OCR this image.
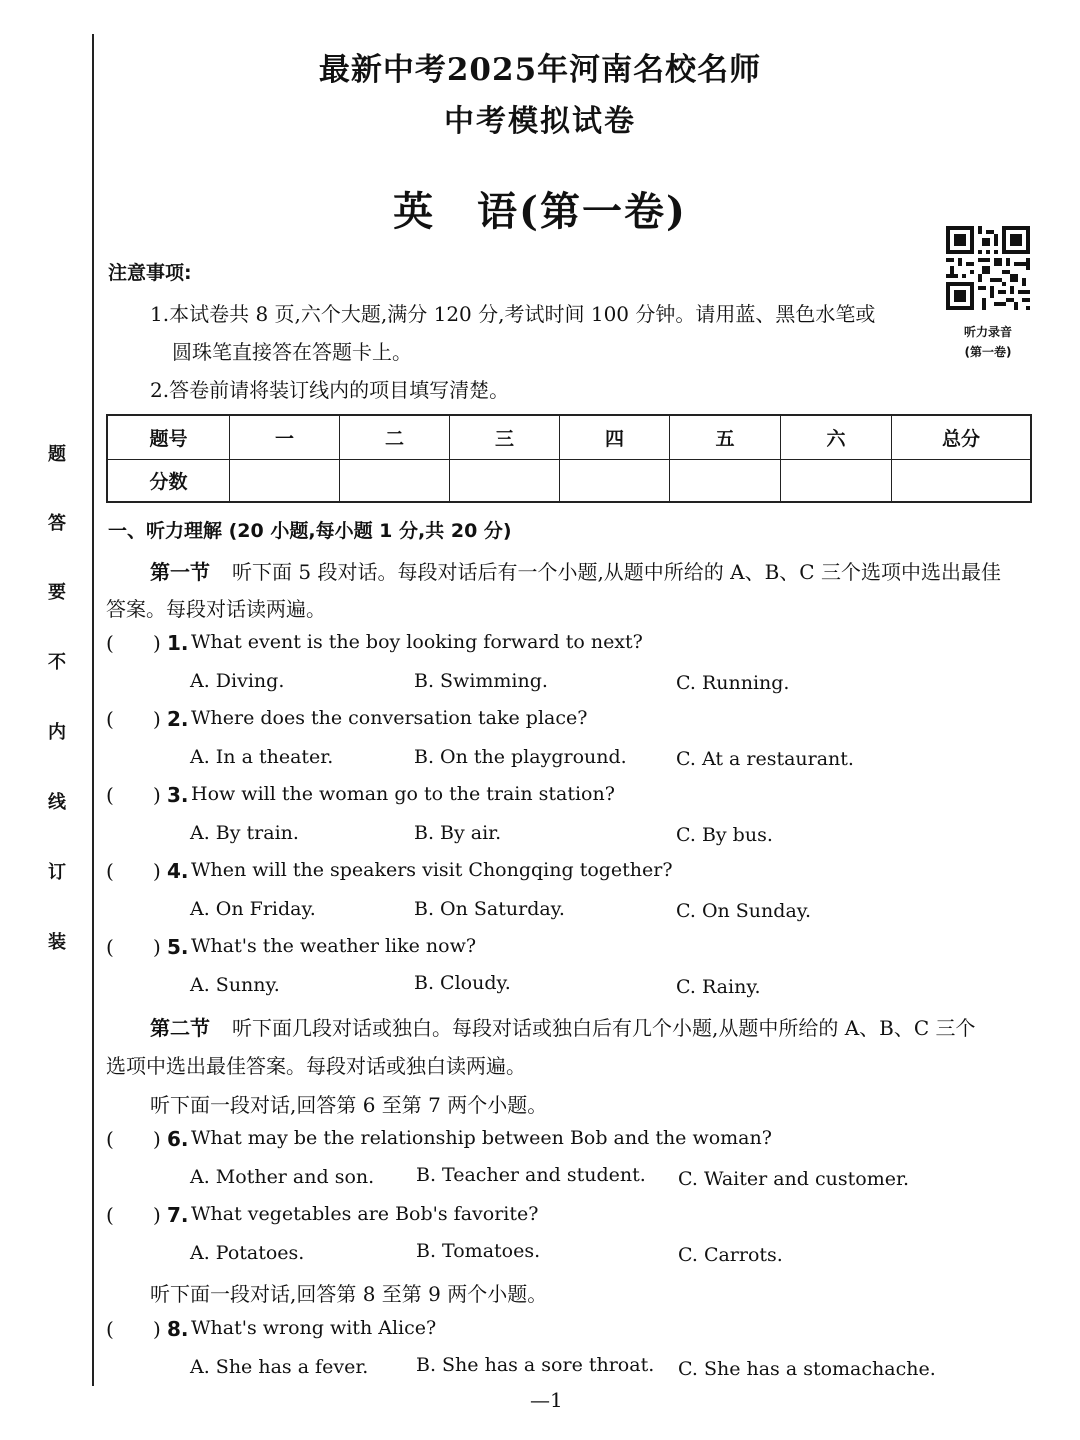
题
答
要
不
内
线
订
装
最新中考2025年河南名校名师
中考模拟试卷
英　语(第一卷)
听力录音
(第一卷)
注意事项:
1.本试卷共 8 页,六个大题,满分 120 分,考试时间 100 分钟。请用蓝、黑色水笔或
圆珠笔直接答在答题卡上。
2.答卷前请将装订线内的项目填写清楚。
题号	一	二	三	四	五	六	总分
分数							
一、听力理解 (20 小题,每小题 1 分,共 20 分)
第一节 听下面 5 段对话。每段对话后有一个小题,从题中所给的 A、B、C 三个选项中选出最佳
答案。每段对话读两遍。
( ) 1. What event is the boy looking forward to next?
A. Diving.	B. Swimming.	C. Running.
( ) 2. Where does the conversation take place?
A. In a theater.	B. On the playground.	C. At a restaurant.
( ) 3. How will the woman go to the train station?
A. By train.	B. By air.	C. By bus.
( ) 4. When will the speakers visit Chongqing together?
A. On Friday.	B. On Saturday.	C. On Sunday.
( ) 5. What's the weather like now?
A. Sunny.	B. Cloudy.	C. Rainy.
第二节 听下面几段对话或独白。每段对话或独白后有几个小题,从题中所给的 A、B、C 三个
选项中选出最佳答案。每段对话或独白读两遍。
听下面一段对话,回答第 6 至第 7 两个小题。
( ) 6. What may be the relationship between Bob and the woman?
A. Mother and son. B. Teacher and student. C. Waiter and customer.
( ) 7. What vegetables are Bob's favorite?
A. Potatoes.	B. Tomatoes.	C. Carrots.
听下面一段对话,回答第 8 至第 9 两个小题。
( ) 8. What's wrong with Alice?
A. She has a fever.	B. She has a sore throat. C. She has a stomachache.
—1
